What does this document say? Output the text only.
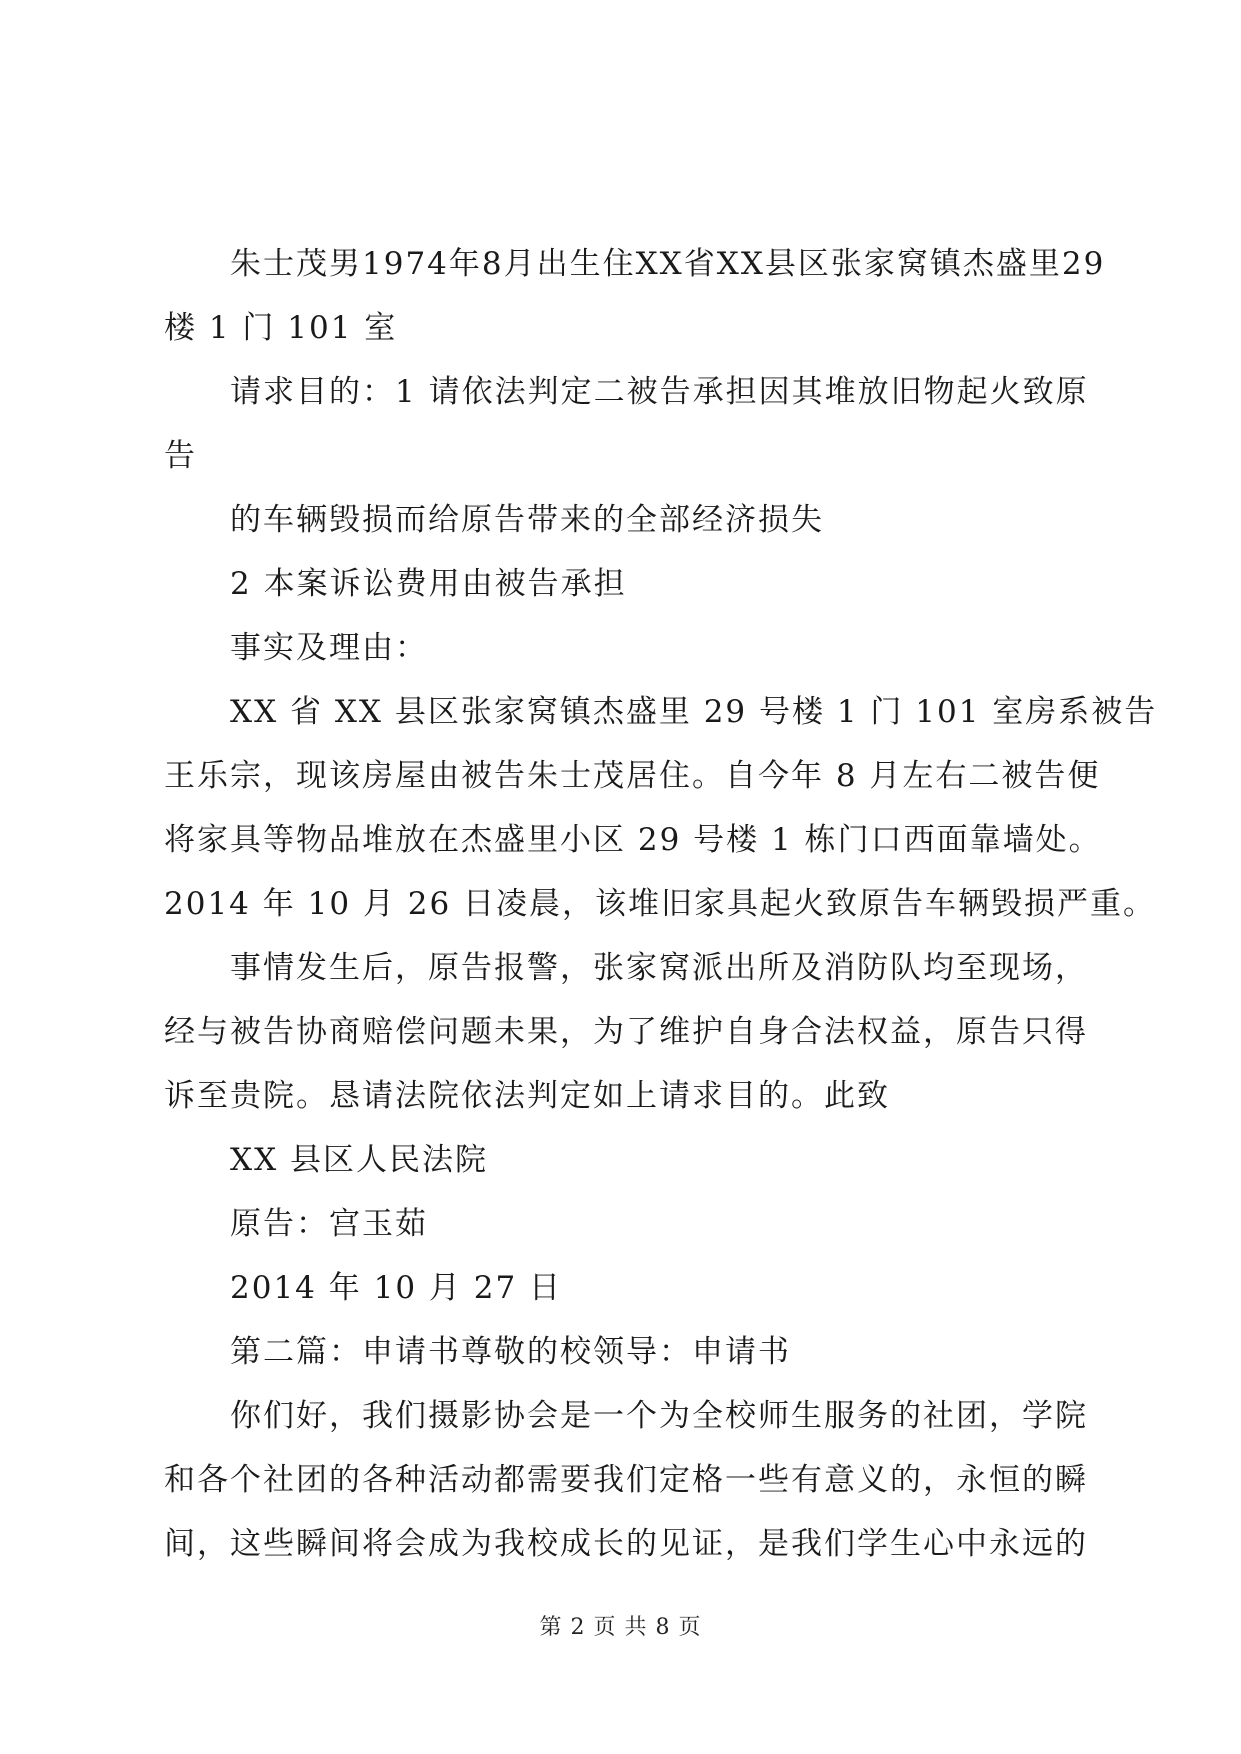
朱士茂男1974年8月出生住XX省XX县区张家窝镇杰盛里29
楼 1 门 101 室
请求目的：1 请依法判定二被告承担因其堆放旧物起火致原
告
的车辆毁损而给原告带来的全部经济损失
2 本案诉讼费用由被告承担
事实及理由：
XX 省 XX 县区张家窝镇杰盛里 29 号楼 1 门 101 室房系被告
王乐宗，现该房屋由被告朱士茂居住。自今年 8 月左右二被告便
将家具等物品堆放在杰盛里小区 29 号楼 1 栋门口西面靠墙处。
2014 年 10 月 26 日凌晨，该堆旧家具起火致原告车辆毁损严重。
事情发生后，原告报警，张家窝派出所及消防队均至现场，
经与被告协商赔偿问题未果，为了维护自身合法权益，原告只得
诉至贵院。恳请法院依法判定如上请求目的。此致
XX 县区人民法院
原告：宫玉茹
2014 年 10 月 27 日
第二篇：申请书尊敬的校领导：申请书
你们好，我们摄影协会是一个为全校师生服务的社团，学院
和各个社团的各种活动都需要我们定格一些有意义的，永恒的瞬
间，这些瞬间将会成为我校成长的见证，是我们学生心中永远的
第 2 页 共 8 页
